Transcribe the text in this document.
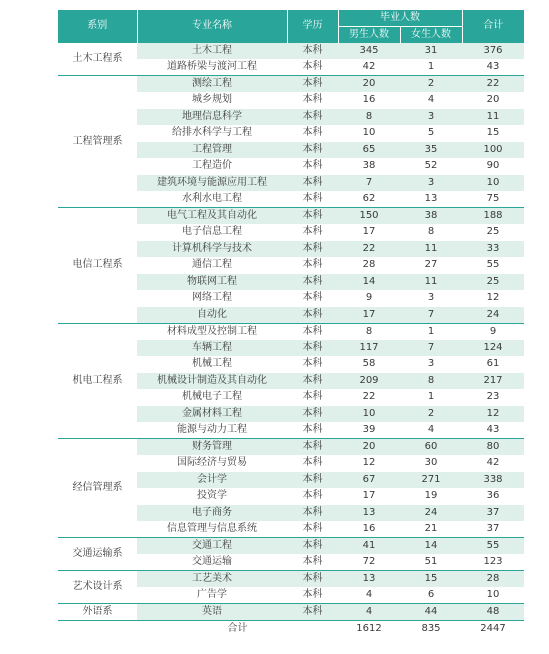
系别	专业名称	学历	毕业人数		合计
			男生人数	女生人数	
土木工程系	土木工程	本科	345	31	376
	道路桥梁与渡河工程	本科	42	1	43
工程管理系	测绘工程	本科	20	2	22
	城乡规划	本科	16	4	20
	地理信息科学	本科	8	3	11
	给排水科学与工程	本科	10	5	15
	工程管理	本科	65	35	100
	工程造价	本科	38	52	90
	建筑环境与能源应用工程	本科	7	3	10
	水利水电工程	本科	62	13	75
电信工程系	电气工程及其自动化	本科	150	38	188
	电子信息工程	本科	17	8	25
	计算机科学与技术	本科	22	11	33
	通信工程	本科	28	27	55
	物联网工程	本科	14	11	25
	网络工程	本科	9	3	12
	自动化	本科	17	7	24
机电工程系	材料成型及控制工程	本科	8	1	9
	车辆工程	本科	117	7	124
	机械工程	本科	58	3	61
	机械设计制造及其自动化	本科	209	8	217
	机械电子工程	本科	22	1	23
	金属材料工程	本科	10	2	12
	能源与动力工程	本科	39	4	43
经信管理系	财务管理	本科	20	60	80
	国际经济与贸易	本科	12	30	42
	会计学	本科	67	271	338
	投资学	本科	17	19	36
	电子商务	本科	13	24	37
	信息管理与信息系统	本科	16	21	37
交通运输系	交通工程	本科	41	14	55
	交通运输	本科	72	51	123
艺术设计系	工艺美术	本科	13	15	28
	广告学	本科	4	6	10
外语系	英语	本科	4	44	48
	合计		1612	835	2447
